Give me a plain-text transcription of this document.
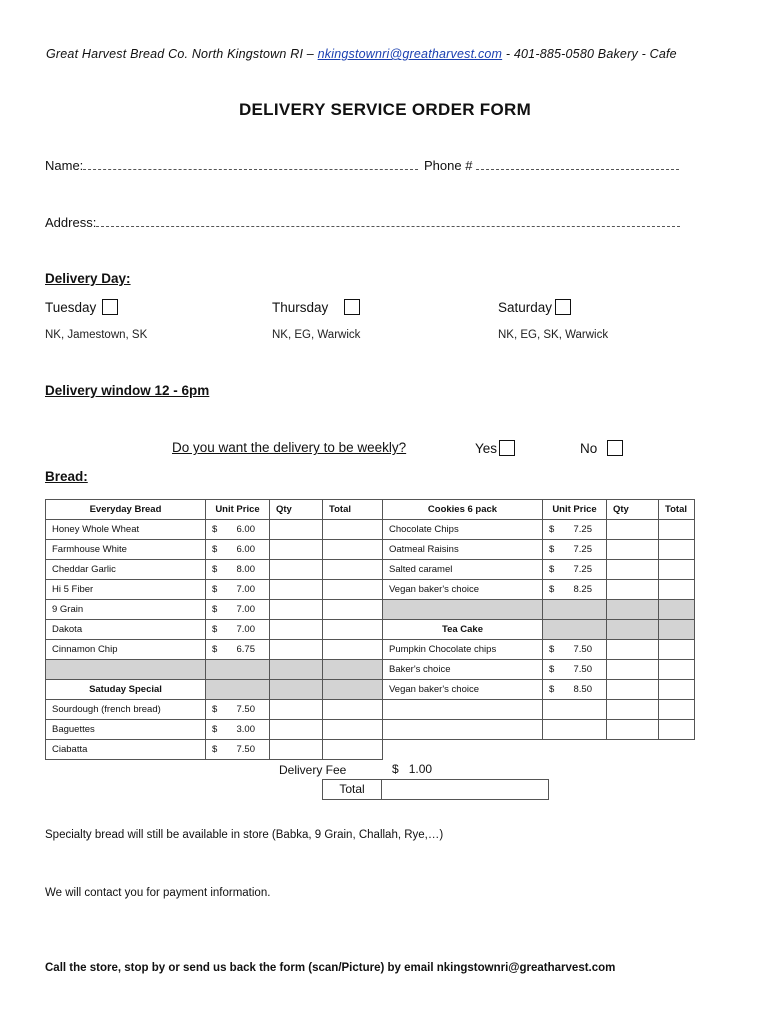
Great Harvest Bread Co. North Kingstown RI – nkingstownri@greatharvest.com - 401-885-0580 Bakery - Cafe
DELIVERY SERVICE ORDER FORM
Name:	Phone #
Address:
Delivery Day:
Tuesday	Thursday	Saturday
NK, Jamestown, SK	NK, EG, Warwick	NK, EG, SK, Warwick
Delivery window 12 - 6pm
Do you want the delivery to be weekly?	Yes	No
Bread:
Everyday Bread	Unit Price	Qty	Total	Cookies 6 pack	Unit Price	Qty	Total
Honey Whole Wheat	$ 6.00			Chocolate Chips	$ 7.25		

Farmhouse White	$ 6.00			Oatmeal Raisins	$ 7.25		

Cheddar Garlic	$ 8.00			Salted caramel	$ 7.25		

Hi 5 Fiber	$ 7.00			Vegan baker's choice	$ 8.25		

9 Grain	$ 7.00						

Dakota	$ 7.00			Tea Cake			
Cinnamon Chip	$ 6.75			Pumpkin Chocolate chips	$ 7.50		

				Baker's choice	$ 7.50		

Satuday Special				Vegan baker's choice	$ 8.50		

Sourdough (french bread)	$ 7.50						

Baguettes	$ 3.00						

Ciabatta	$ 7.50						

Delivery Fee	$ 1.00
Total
Specialty bread will still be available in store (Babka, 9 Grain, Challah, Rye,…)
We will contact you for payment information.
Call the store, stop by or send us back the form (scan/Picture) by email nkingstownri@greatharvest.com
